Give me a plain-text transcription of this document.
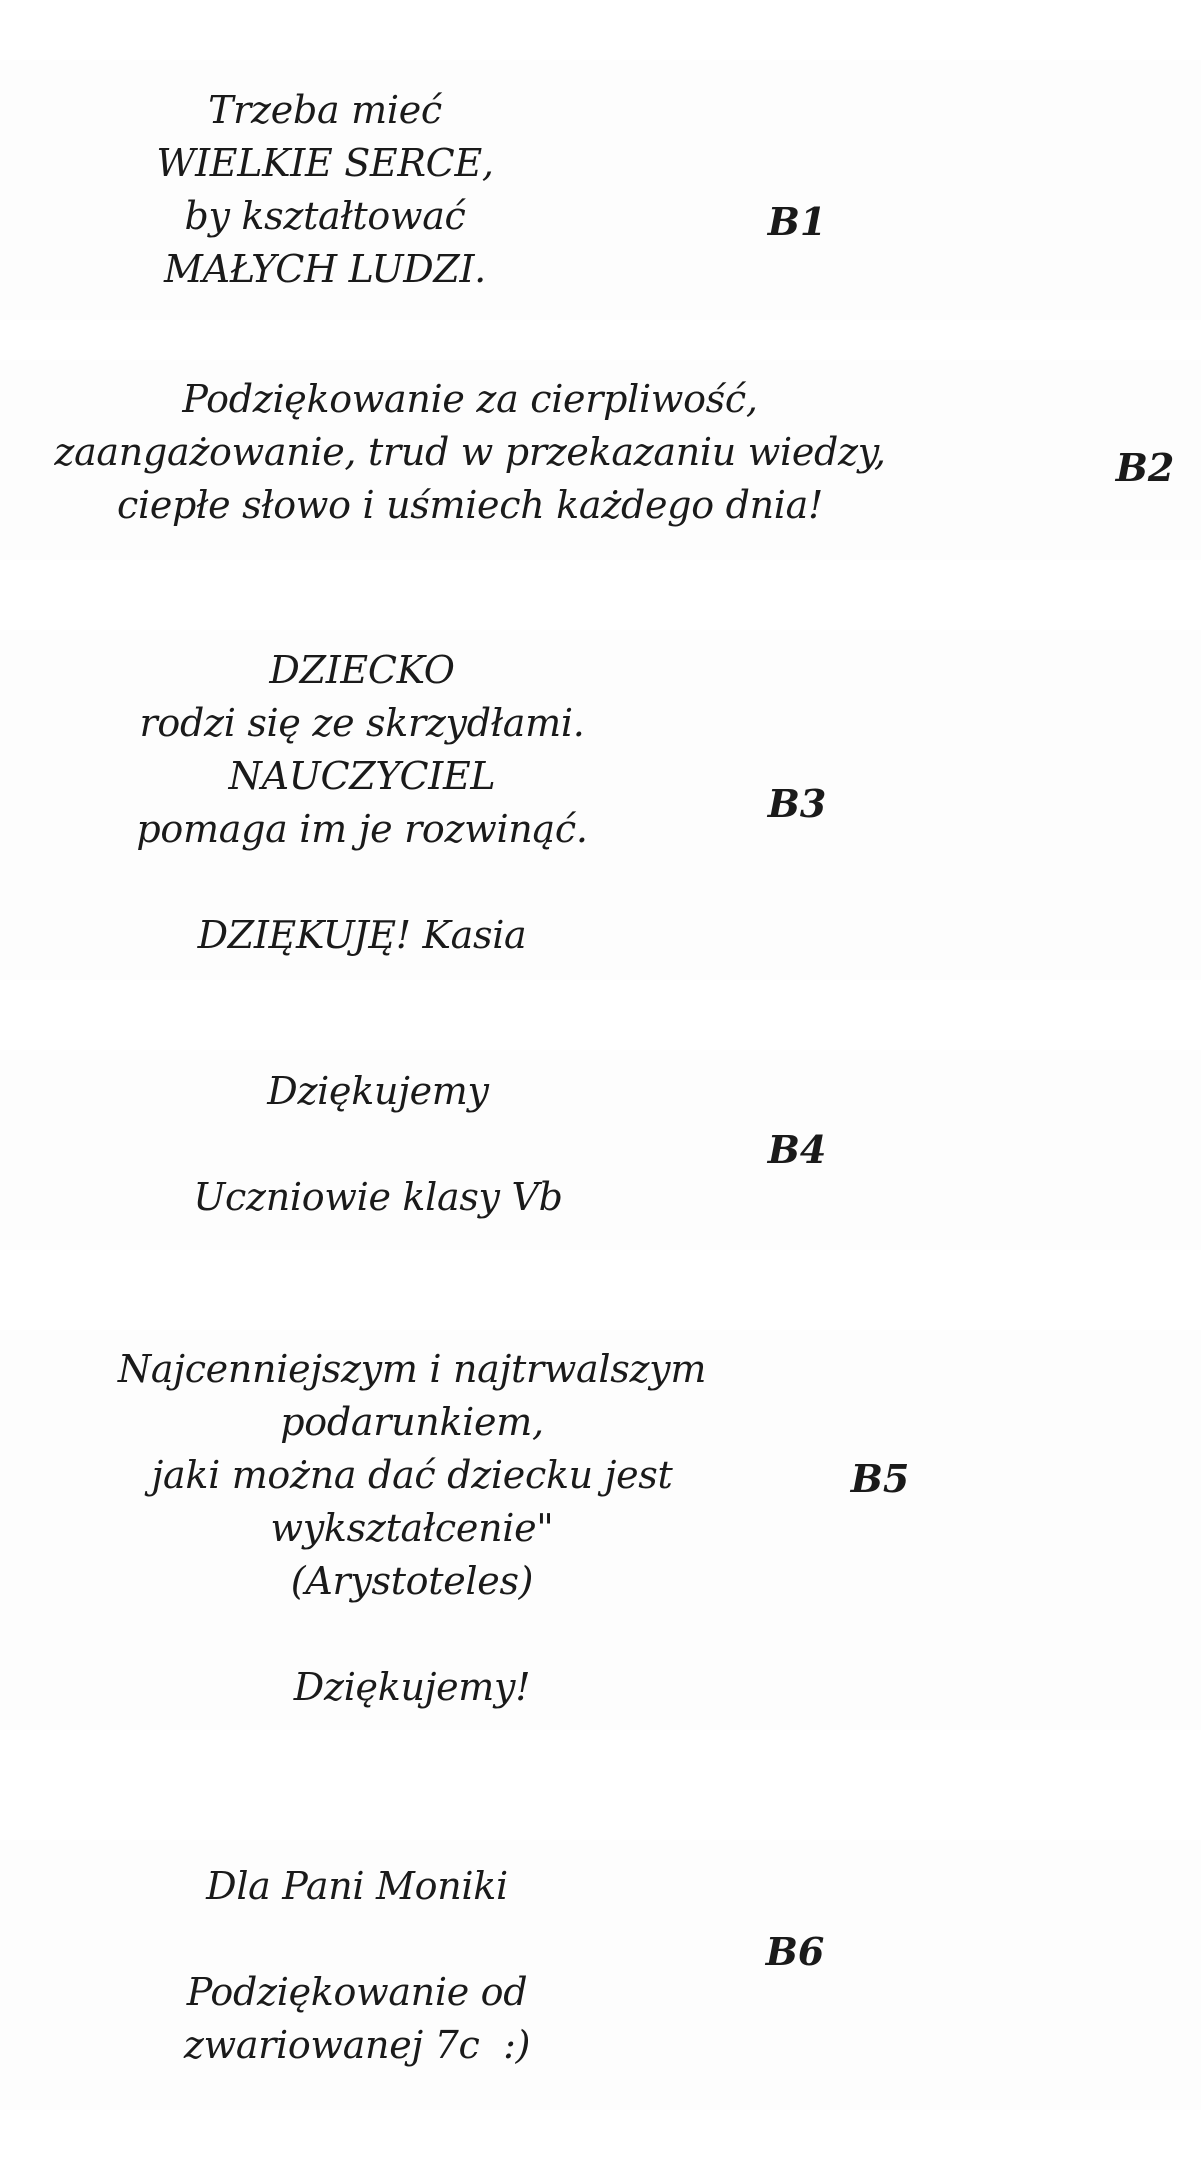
Trzeba mieć
WIELKIE SERCE,
by kształtować
MAŁYCH LUDZI.
B1
Podziękowanie za cierpliwość,
zaangażowanie, trud w przekazaniu wiedzy,
ciepłe słowo i uśmiech każdego dnia!
B2
DZIECKO
rodzi się ze skrzydłami.
NAUCZYCIEL
pomaga im je rozwinąć.

DZIĘKUJĘ! Kasia
B3
Dziękujemy

Uczniowie klasy Vb
B4
Najcenniejszym i najtrwalszym
podarunkiem,
jaki można dać dziecku jest
wykształcenie"
(Arystoteles)

Dziękujemy!
B5
Dla Pani Moniki

Podziękowanie od
zwariowanej 7c  :)
B6
